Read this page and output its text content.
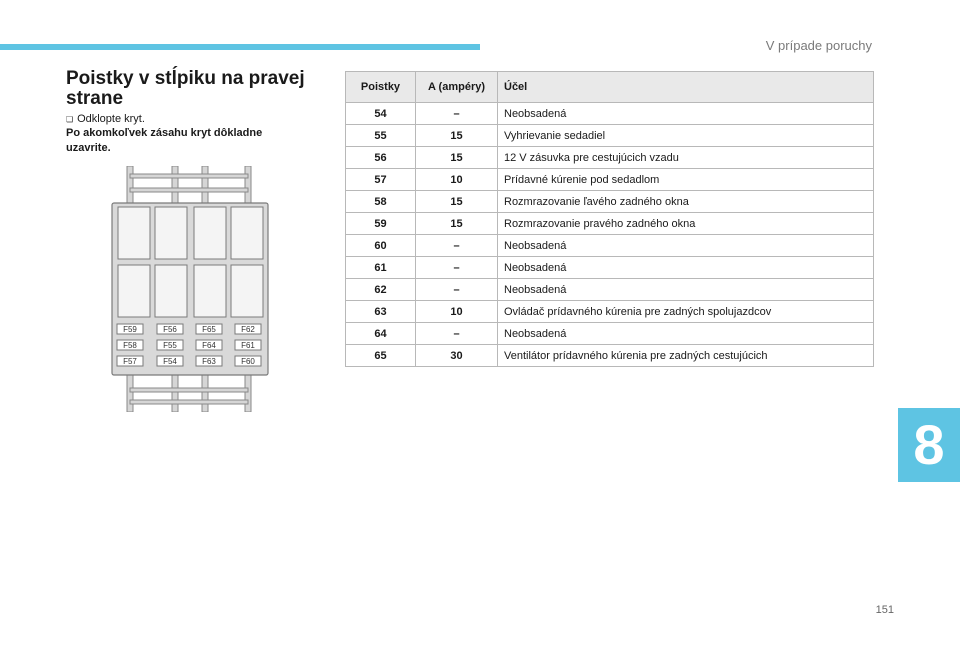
V prípade poruchy
Poistky v stĺpiku na pravej strane
❏ Odklopte kryt.
Po akomkoľvek zásahu kryt dôkladne uzavrite.
F59	F56	F65	F62
F58	F55	F64	F61
F57	F54	F63	F60
Poistky	A (ampéry)	Účel
54	–	Neobsadená
55	15	Vyhrievanie sedadiel
56	15	12 V zásuvka pre cestujúcich vzadu
57	10	Prídavné kúrenie pod sedadlom
58	15	Rozmrazovanie ľavého zadného okna
59	15	Rozmrazovanie pravého zadného okna
60	–	Neobsadená
61	–	Neobsadená
62	–	Neobsadená
63	10	Ovládač prídavného kúrenia pre zadných spolujazdcov
64	–	Neobsadená
65	30	Ventilátor prídavného kúrenia pre zadných cestujúcich
8
151
